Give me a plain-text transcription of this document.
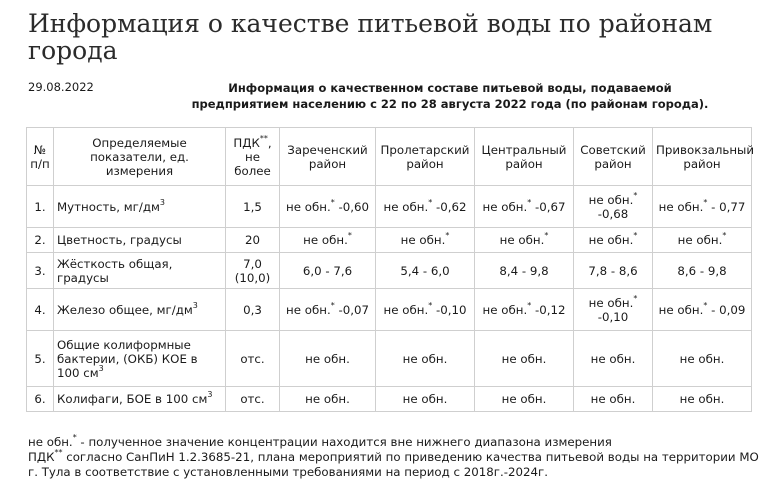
Информация о качестве питьевой воды по районам города
29.08.2022	Информация о качественном составе питьевой воды, подаваемой
предприятием населению с 22 по 28 августа 2022 года (по районам города).
№ п/п	Определяемые показатели, ед. измерения	ПДК**, не более	Зареченский район	Пролетарский район	Центральный район	Советский район	Привокзальный район
1.	Мутность, $мг/дм^3$	1,5	не обн.* -0,60	не обн.* -0,62	не обн.* -0,67	не обн.* -0,68	не обн.* - 0,77
2.	Цветность, градусы	20	не обн.*	не обн.*	не обн.*	не обн.*	не обн.*
3.	Жёсткость общая, градусы	7,0 (10,0)	6,0 - 7,6	5,4 - 6,0	8,4 - 9,8	7,8 - 8,6	8,6 - 9,8
4.	Железо общее, $мг/дм^3$	0,3	не обн.* -0,07	не обн.* -0,10	не обн.* -0,12	не обн.* -0,10	не обн.* - 0,09
5.	Общие колиформные бактерии, (ОКБ) КОЕ в 100 $см^3$	отс.	не обн.	не обн.	не обн.	не обн.	не обн.
6.	Колифаги, БОЕ в 100 $см^3$	отс.	не обн.	не обн.	не обн.	не обн.	не обн.
не обн.* - полученное значение концентрации находится вне нижнего диапазона измерения
ПДК** согласно СанПиН 1.2.3685-21, плана мероприятий по приведению качества питьевой воды на территории МО г. Тула в соответствие с установленными требованиями на период с 2018г.-2024г.
